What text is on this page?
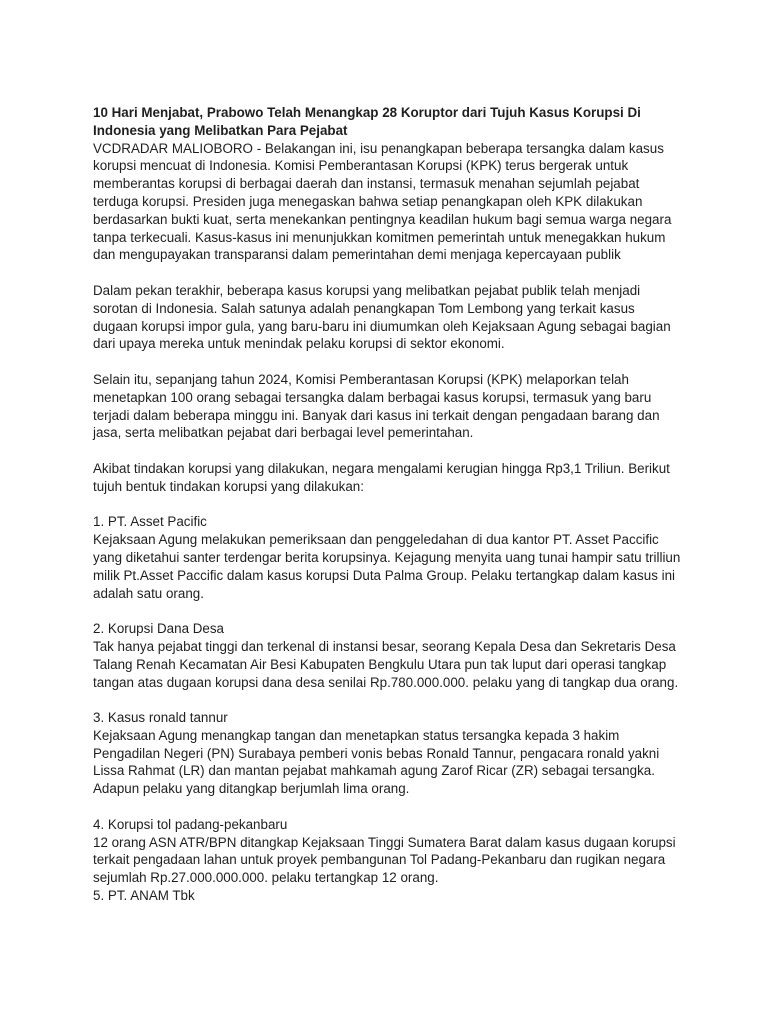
10 Hari Menjabat, Prabowo Telah Menangkap 28 Koruptor dari Tujuh Kasus Korupsi Di Indonesia yang Melibatkan Para Pejabat

VCDRADAR MALIOBORO - Belakangan ini, isu penangkapan beberapa tersangka dalam kasus korupsi mencuat di Indonesia. Komisi Pemberantasan Korupsi (KPK) terus bergerak untuk memberantas korupsi di berbagai daerah dan instansi, termasuk menahan sejumlah pejabat terduga korupsi. Presiden juga menegaskan bahwa setiap penangkapan oleh KPK dilakukan berdasarkan bukti kuat, serta menekankan pentingnya keadilan hukum bagi semua warga negara tanpa terkecuali. Kasus-kasus ini menunjukkan komitmen pemerintah untuk menegakkan hukum dan mengupayakan transparansi dalam pemerintahan demi menjaga kepercayaan publik

Dalam pekan terakhir, beberapa kasus korupsi yang melibatkan pejabat publik telah menjadi sorotan di Indonesia. Salah satunya adalah penangkapan Tom Lembong yang terkait kasus dugaan korupsi impor gula, yang baru-baru ini diumumkan oleh Kejaksaan Agung sebagai bagian dari upaya mereka untuk menindak pelaku korupsi di sektor ekonomi.

Selain itu, sepanjang tahun 2024, Komisi Pemberantasan Korupsi (KPK) melaporkan telah menetapkan 100 orang sebagai tersangka dalam berbagai kasus korupsi, termasuk yang baru terjadi dalam beberapa minggu ini. Banyak dari kasus ini terkait dengan pengadaan barang dan jasa, serta melibatkan pejabat dari berbagai level pemerintahan.

Akibat tindakan korupsi yang dilakukan, negara mengalami kerugian hingga Rp3,1 Triliun. Berikut tujuh bentuk tindakan korupsi yang dilakukan:

1. PT. Asset Pacific

Kejaksaan Agung melakukan pemeriksaan dan penggeledahan di dua kantor PT. Asset Paccific yang diketahui santer terdengar berita korupsinya. Kejagung menyita uang tunai hampir satu trilliun milik Pt.Asset Paccific dalam kasus korupsi Duta Palma Group. Pelaku tertangkap dalam kasus ini adalah satu orang.

2. Korupsi Dana Desa

Tak hanya pejabat tinggi dan terkenal di instansi besar, seorang Kepala Desa dan Sekretaris Desa Talang Renah Kecamatan Air Besi Kabupaten Bengkulu Utara pun tak luput dari operasi tangkap tangan atas dugaan korupsi dana desa senilai Rp.780.000.000. pelaku yang di tangkap dua orang.

3. Kasus ronald tannur

Kejaksaan Agung menangkap tangan dan menetapkan status tersangka kepada 3 hakim Pengadilan Negeri (PN) Surabaya pemberi vonis bebas Ronald Tannur, pengacara ronald yakni Lissa Rahmat (LR) dan mantan pejabat mahkamah agung Zarof Ricar (ZR) sebagai tersangka. Adapun pelaku yang ditangkap berjumlah lima orang.

4. Korupsi tol padang-pekanbaru

12 orang ASN ATR/BPN ditangkap Kejaksaan Tinggi Sumatera Barat dalam kasus dugaan korupsi terkait pengadaan lahan untuk proyek pembangunan Tol Padang-Pekanbaru dan rugikan negara sejumlah Rp.27.000.000.000. pelaku tertangkap 12 orang.

5. PT. ANAM Tbk
